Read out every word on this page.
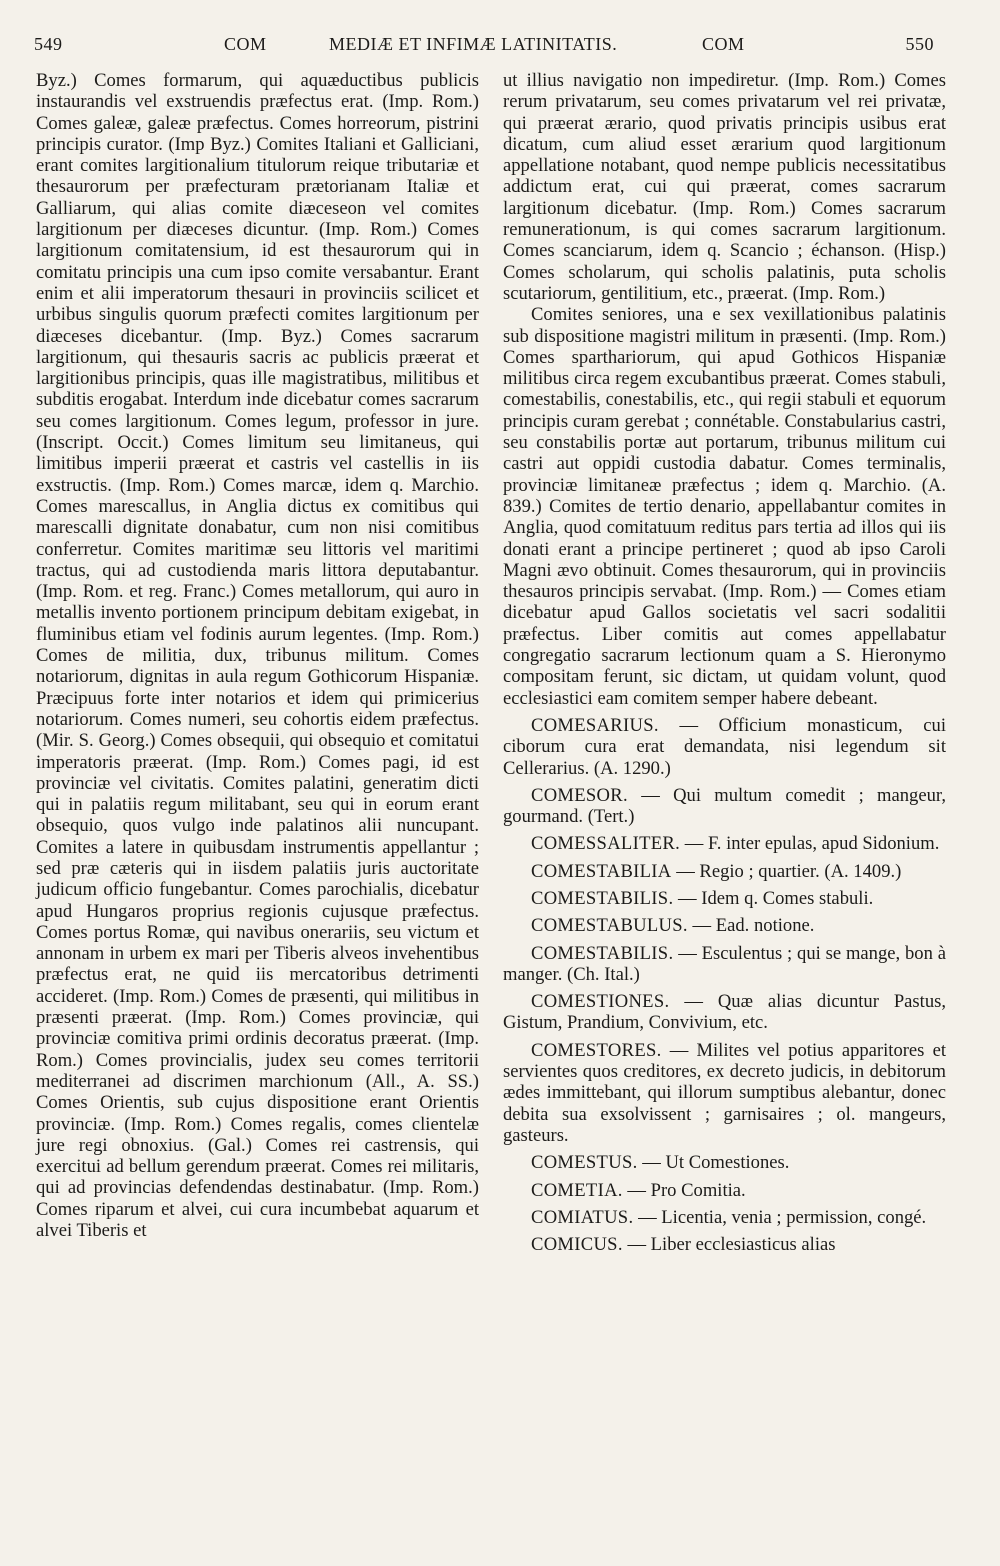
549	COM	MEDIÆ ET INFIMÆ LATINITATIS.	COM	550

Byz.) Comes formarum, qui aquæductibus publicis instaurandis vel exstruendis præfectus erat. (Imp. Rom.) Comes galeæ, galeæ præfectus. Comes horreorum, pistrini principis curator. (Imp Byz.) Comites Italiani et Galliciani, erant comites largitionalium titulorum reique tributariæ et thesaurorum per præfecturam prætorianam Italiæ et Galliarum, qui alias comite diæceseon vel comites largitionum per diæceses dicuntur. (Imp. Rom.) Comes largitionum comitatensium, id est thesaurorum qui in comitatu principis una cum ipso comite versabantur. Erant enim et alii imperatorum thesauri in provinciis scilicet et urbibus singulis quorum præfecti comites largitionum per diæceses dicebantur. (Imp. Byz.) Comes sacrarum largitionum, qui thesauris sacris ac publicis præerat et largitionibus principis, quas ille magistratibus, militibus et subditis erogabat. Interdum inde dicebatur comes sacrarum seu comes largitionum. Comes legum, professor in jure. (Inscript. Occit.) Comes limitum seu limitaneus, qui limitibus imperii præerat et castris vel castellis in iis exstructis. (Imp. Rom.) Comes marcæ, idem q. Marchio. Comes marescallus, in Anglia dictus ex comitibus qui marescalli dignitate donabatur, cum non nisi comitibus conferretur. Comites maritimæ seu littoris vel maritimi tractus, qui ad custodienda maris littora deputabantur. (Imp. Rom. et reg. Franc.) Comes metallorum, qui auro in metallis invento portionem principum debitam exigebat, in fluminibus etiam vel fodinis aurum legentes. (Imp. Rom.) Comes de militia, dux, tribunus militum. Comes notariorum, dignitas in aula regum Gothicorum Hispaniæ. Præcipuus forte inter notarios et idem qui primicerius notariorum. Comes numeri, seu cohortis eidem præfectus. (Mir. S. Georg.) Comes obsequii, qui obsequio et comitatui imperatoris præerat. (Imp. Rom.) Comes pagi, id est provinciæ vel civitatis. Comites palatini, generatim dicti qui in palatiis regum militabant, seu qui in eorum erant obsequio, quos vulgo inde palatinos alii nuncupant. Comites a latere in quibusdam instrumentis appellantur ; sed præ cæteris qui in iisdem palatiis juris auctoritate judicum officio fungebantur. Comes parochialis, dicebatur apud Hungaros proprius regionis cujusque præfectus. Comes portus Romæ, qui navibus onerariis, seu victum et annonam in urbem ex mari per Tiberis alveos invehentibus præfectus erat, ne quid iis mercatoribus detrimenti accideret. (Imp. Rom.) Comes de præsenti, qui militibus in præsenti præerat. (Imp. Rom.) Comes provinciæ, qui provinciæ comitiva primi ordinis decoratus præerat. (Imp. Rom.) Comes provincialis, judex seu comes territorii mediterranei ad discrimen marchionum (All., A. SS.) Comes Orientis, sub cujus dispositione erant Orientis provinciæ. (Imp. Rom.) Comes regalis, comes clientelæ jure regi obnoxius. (Gal.) Comes rei castrensis, qui exercitui ad bellum gerendum præerat. Comes rei militaris, qui ad provincias defendendas destinabatur. (Imp. Rom.) Comes riparum et alvei, cui cura incumbebat aquarum et alvei Tiberis et

ut illius navigatio non impediretur. (Imp. Rom.) Comes rerum privatarum, seu comes privatarum vel rei privatæ, qui præerat ærario, quod privatis principis usibus erat dicatum, cum aliud esset ærarium quod largitionum appellatione notabant, quod nempe publicis necessitatibus addictum erat, cui qui præerat, comes sacrarum largitionum dicebatur. (Imp. Rom.) Comes sacrarum remunerationum, is qui comes sacrarum largitionum. Comes scanciarum, idem q. Scancio ; échanson. (Hisp.) Comes scholarum, qui scholis palatinis, puta scholis scutariorum, gentilitium, etc., præerat. (Imp. Rom.)

Comites seniores, una e sex vexillationibus palatinis sub dispositione magistri militum in præsenti. (Imp. Rom.) Comes sparthariorum, qui apud Gothicos Hispaniæ militibus circa regem excubantibus præerat. Comes stabuli, comestabilis, conestabilis, etc., qui regii stabuli et equorum principis curam gerebat ; connétable. Constabularius castri, seu constabilis portæ aut portarum, tribunus militum cui castri aut oppidi custodia dabatur. Comes terminalis, provinciæ limitaneæ præfectus ; idem q. Marchio. (A. 839.) Comites de tertio denario, appellabantur comites in Anglia, quod comitatuum reditus pars tertia ad illos qui iis donati erant a principe pertineret ; quod ab ipso Caroli Magni ævo obtinuit. Comes thesaurorum, qui in provinciis thesauros principis servabat. (Imp. Rom.) — Comes etiam dicebatur apud Gallos societatis vel sacri sodalitii præfectus. Liber comitis aut comes appellabatur congregatio sacrarum lectionum quam a S. Hieronymo compositam ferunt, sic dictam, ut quidam volunt, quod ecclesiastici eam comitem semper habere debeant.

COMESARIUS. — Officium monasticum, cui ciborum cura erat demandata, nisi legendum sit Cellerarius. (A. 1290.)

COMESOR. — Qui multum comedit ; mangeur, gourmand. (Tert.)

COMESSALITER. — F. inter epulas, apud Sidonium.

COMESTABILIA — Regio ; quartier. (A. 1409.)

COMESTABILIS. — Idem q. Comes stabuli.

COMESTABULUS. — Ead. notione.

COMESTABILIS. — Esculentus ; qui se mange, bon à manger. (Ch. Ital.)

COMESTIONES. — Quæ alias dicuntur Pastus, Gistum, Prandium, Convivium, etc.

COMESTORES. — Milites vel potius apparitores et servientes quos creditores, ex decreto judicis, in debitorum ædes immittebant, qui illorum sumptibus alebantur, donec debita sua exsolvissent ; garnisaires ; ol. mangeurs, gasteurs.

COMESTUS. — Ut Comestiones.

COMETIA. — Pro Comitia.

COMIATUS. — Licentia, venia ; permission, congé.

COMICUS. — Liber ecclesiasticus alias
